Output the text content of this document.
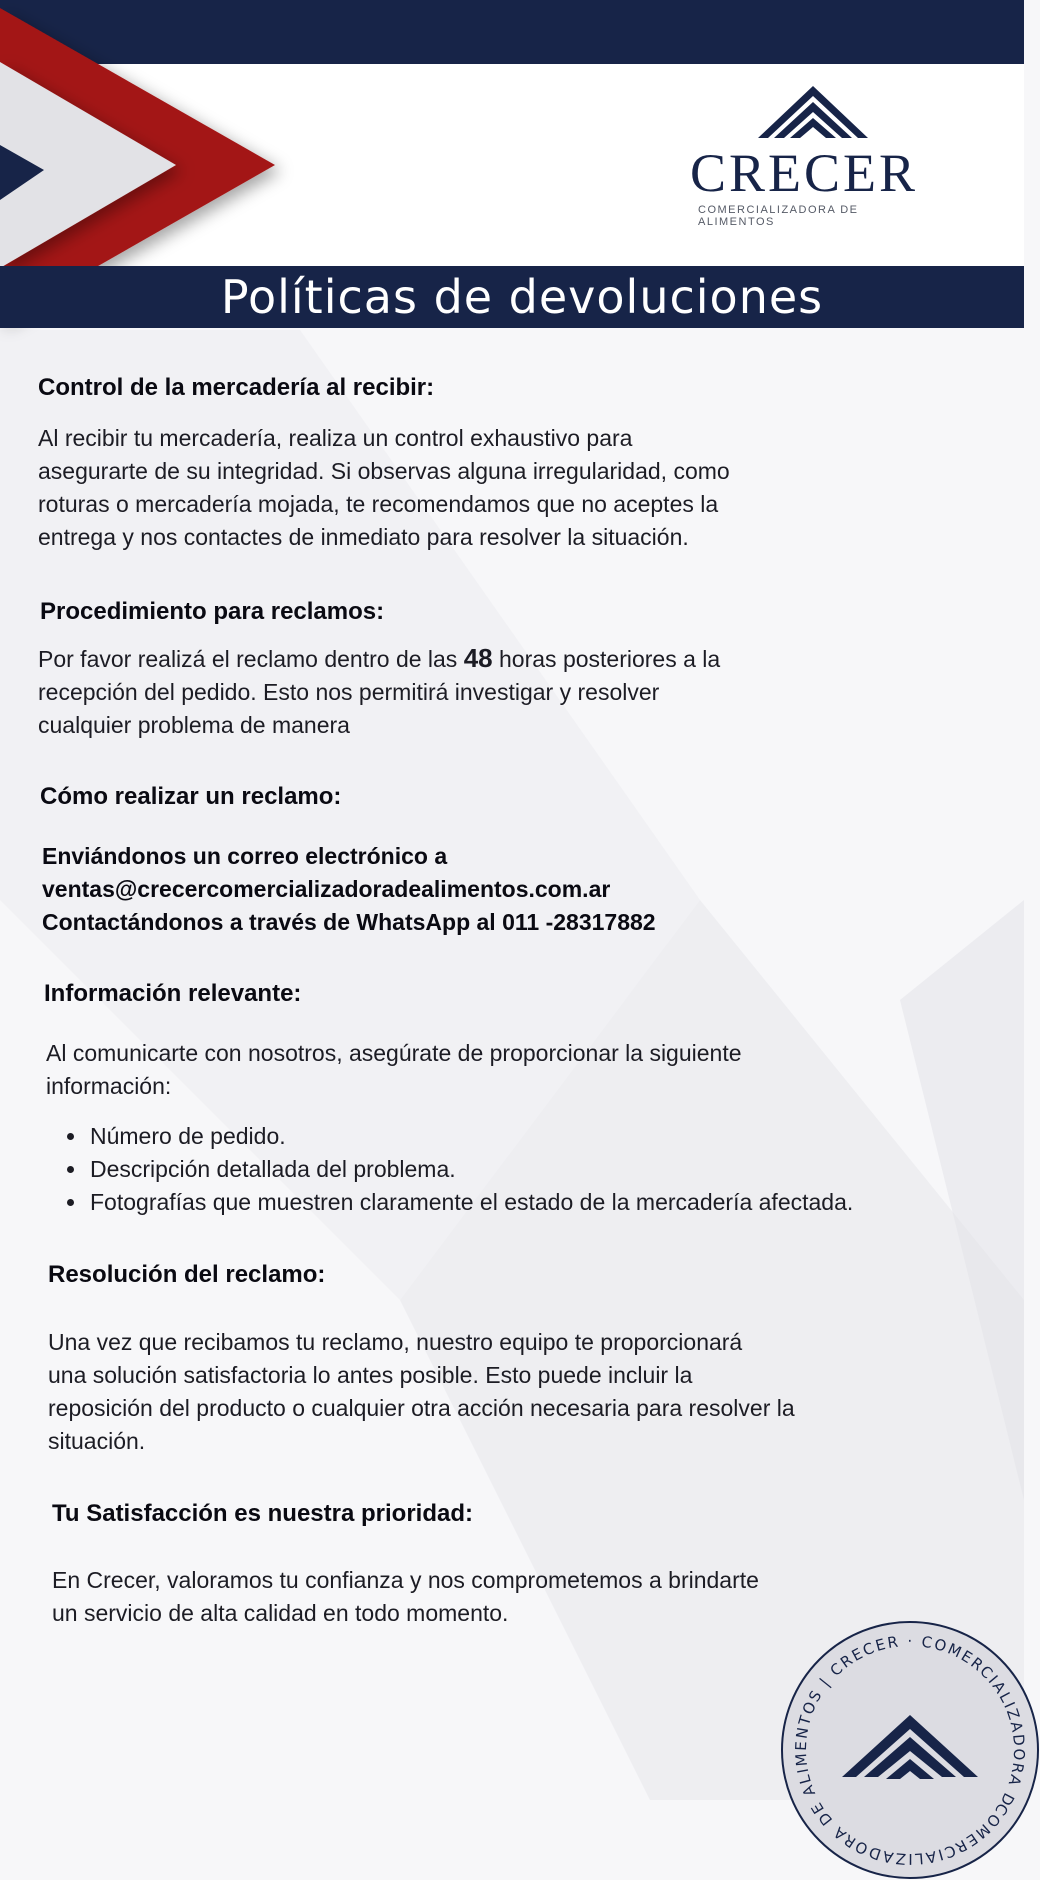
CRECER
COMERCIALIZADORA DE ALIMENTOS
Políticas de devoluciones
Control de la mercadería al recibir:
Al recibir tu mercadería, realiza un control exhaustivo para
asegurarte de su integridad. Si observas alguna irregularidad, como
roturas o mercadería mojada, te recomendamos que no aceptes la
entrega y nos contactes de inmediato para resolver la situación.
Procedimiento para reclamos:
Por favor realizá el reclamo dentro de las 48 horas posteriores a la
recepción del pedido. Esto nos permitirá investigar y resolver
cualquier problema de manera
Cómo realizar un reclamo:
Enviándonos un correo electrónico a
ventas@crecercomercializadoradealimentos.com.ar
Contactándonos a través de WhatsApp al 011 -28317882
Información relevante:
Al comunicarte con nosotros, asegúrate de proporcionar la siguiente
información:
• Número de pedido.
• Descripción detallada del problema.
• Fotografías que muestren claramente el estado de la mercadería afectada.
Resolución del reclamo:
Una vez que recibamos tu reclamo, nuestro equipo te proporcionará
una solución satisfactoria lo antes posible. Esto puede incluir la
reposición del producto o cualquier otra acción necesaria para resolver la
situación.
Tu Satisfacción es nuestra prioridad:
En Crecer, valoramos tu confianza y nos comprometemos a brindarte
un servicio de alta calidad en todo momento.
COMERCIALIZADORA DE ALIMENTOS | CRECER · COMERCIALIZADORA DE
